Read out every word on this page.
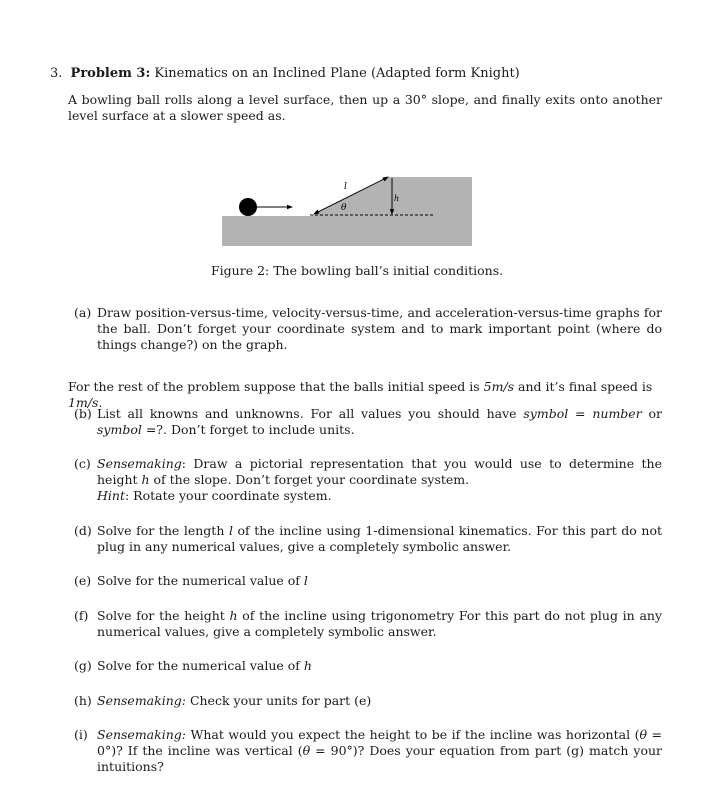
3. Problem 3: Kinematics on an Inclined Plane (Adapted form Knight)
A bowling ball rolls along a level surface, then up a 30° slope, and finally exits onto another level surface at a slower speed as.
l
θ
h
Figure 2: The bowling ball’s initial conditions.
(a) Draw position-versus-time, velocity-versus-time, and acceleration-versus-time graphs for the ball. Don’t forget your coordinate system and to mark important point (where do things change?) on the graph.
For the rest of the problem suppose that the balls initial speed is 5m/s and it’s final speed is 1m/s.
(b) List all knowns and unknowns. For all values you should have symbol = number or symbol =?. Don’t forget to include units.
(c) Sensemaking: Draw a pictorial representation that you would use to determine the height h of the slope. Don’t forget your coordinate system.
Hint: Rotate your coordinate system.
(d) Solve for the length l of the incline using 1-dimensional kinematics. For this part do not plug in any numerical values, give a completely symbolic answer.
(e) Solve for the numerical value of l
(f) Solve for the height h of the incline using trigonometry For this part do not plug in any numerical values, give a completely symbolic answer.
(g) Solve for the numerical value of h
(h) Sensemaking: Check your units for part (e)
(i) Sensemaking: What would you expect the height to be if the incline was horizontal (θ = 0°)? If the incline was vertical (θ = 90°)? Does your equation from part (g) match your intuitions?
